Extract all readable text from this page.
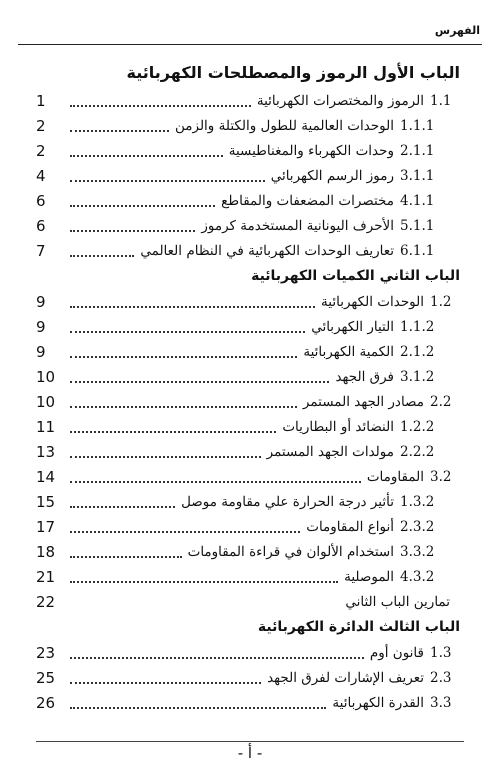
الفهرس
الباب الأول الرموز والمصطلحات الكهربائية
1.1
الرموز والمختصرات الكهربائية
1
1.1.1
الوحدات العالمية للطول والكتلة والزمن
2
2.1.1
وحدات الكهرباء والمغناطيسية
2
3.1.1
رموز الرسم الكهربائي
4
4.1.1
مختصرات المضعفات والمقاطع
6
5.1.1
الأحرف اليونانية المستخدمة كرموز
6
6.1.1
تعاريف الوحدات الكهربائية في النظام العالمي
7
الباب الثاني الكميات الكهربائية
1.2
الوحدات الكهربائية
9
1.1.2
التيار الكهربائي
9
2.1.2
الكمية الكهربائية
9
3.1.2
فرق الجهد
10
2.2
مصادر الجهد المستمر
10
1.2.2
النضائد أو البطاريات
11
2.2.2
مولدات الجهد المستمر
13
3.2
المقاومات
14
1.3.2
تأثير درجة الحرارة علي مقاومة موصل
15
2.3.2
أنواع المقاومات
17
3.3.2
استخدام الألوان في قراءة المقاومات
18
4.3.2
الموصلية
21
تمارين الباب الثاني
22
الباب الثالث الدائرة الكهربائية
1.3
قانون أوم
23
2.3
تعريف الإشارات لفرق الجهد
25
3.3
القدرة الكهربائية
26
- أ -
